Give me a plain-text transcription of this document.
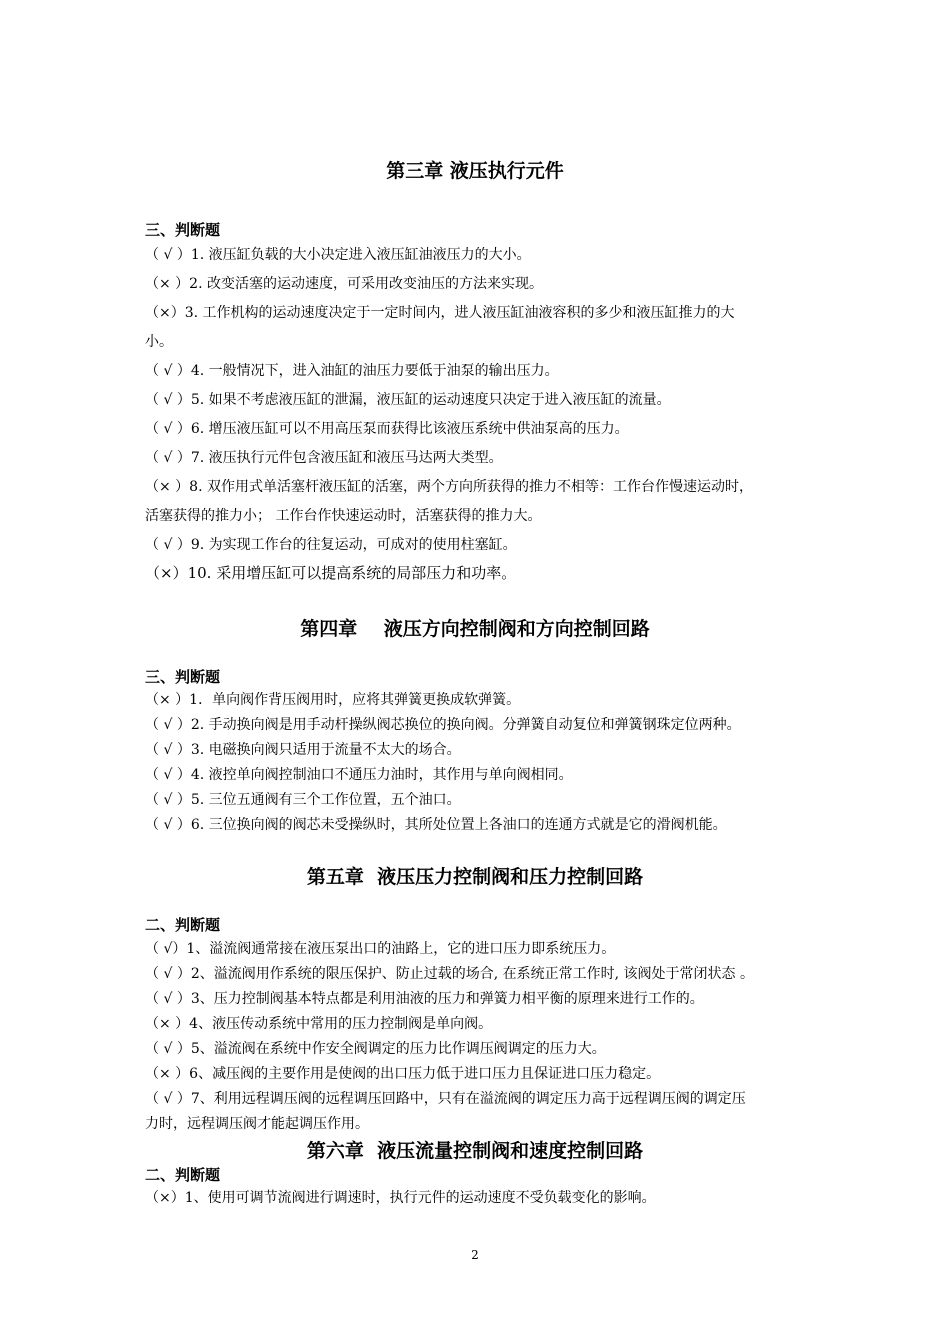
第三章 液压执行元件
三、判断题
（ √ ）1. 液压缸负载的大小决定进入液压缸油液压力的大小。
（× ）2. 改变活塞的运动速度，可采用改变油压的方法来实现。
（×）3. 工作机构的运动速度决定于一定时间内，进人液压缸油液容积的多少和液压缸推力的大
小。
（ √ ）4. 一般情况下，进入油缸的油压力要低于油泵的输出压力。
（ √ ）5. 如果不考虑液压缸的泄漏，液压缸的运动速度只决定于进入液压缸的流量。
（ √ ）6. 增压液压缸可以不用高压泵而获得比该液压系统中供油泵高的压力。
（ √ ）7. 液压执行元件包含液压缸和液压马达两大类型。
（× ）8. 双作用式单活塞杆液压缸的活塞，两个方向所获得的推力不相等：工作台作慢速运动时，
活塞获得的推力小； 工作台作快速运动时，活塞获得的推力大。
（ √ ）9. 为实现工作台的往复运动，可成对的使用柱塞缸。
（×）10. 采用增压缸可以提高系统的局部压力和功率。
第四章    液压方向控制阀和方向控制回路
三、判断题
（× ）1．单向阀作背压阀用时，应将其弹簧更换成软弹簧。
（ √ ）2. 手动换向阀是用手动杆操纵阀芯换位的换向阀。分弹簧自动复位和弹簧钢珠定位两种。
（ √ ）3. 电磁换向阀只适用于流量不太大的场合。
（ √ ）4. 液控单向阀控制油口不通压力油时，其作用与单向阀相同。
（ √ ）5. 三位五通阀有三个工作位置，五个油口。
（ √ ）6. 三位换向阀的阀芯未受操纵时，其所处位置上各油口的连通方式就是它的滑阀机能。
第五章  液压压力控制阀和压力控制回路
二、判断题
（ √）1、溢流阀通常接在液压泵出口的油路上，它的进口压力即系统压力。
（ √ ）2、溢流阀用作系统的限压保护、防止过载的场合, 在系统正常工作时, 该阀处于常闭状态 。
（ √ ）3、压力控制阀基本特点都是利用油液的压力和弹簧力相平衡的原理来进行工作的。
（× ）4、液压传动系统中常用的压力控制阀是单向阀。
（ √ ）5、溢流阀在系统中作安全阀调定的压力比作调压阀调定的压力大。
（× ）6、减压阀的主要作用是使阀的出口压力低于进口压力且保证进口压力稳定。
（ √ ）7、利用远程调压阀的远程调压回路中，只有在溢流阀的调定压力高于远程调压阀的调定压
力时，远程调压阀才能起调压作用。
第六章  液压流量控制阀和速度控制回路
二、判断题
（×）1、使用可调节流阀进行调速时，执行元件的运动速度不受负载变化的影响。
2
